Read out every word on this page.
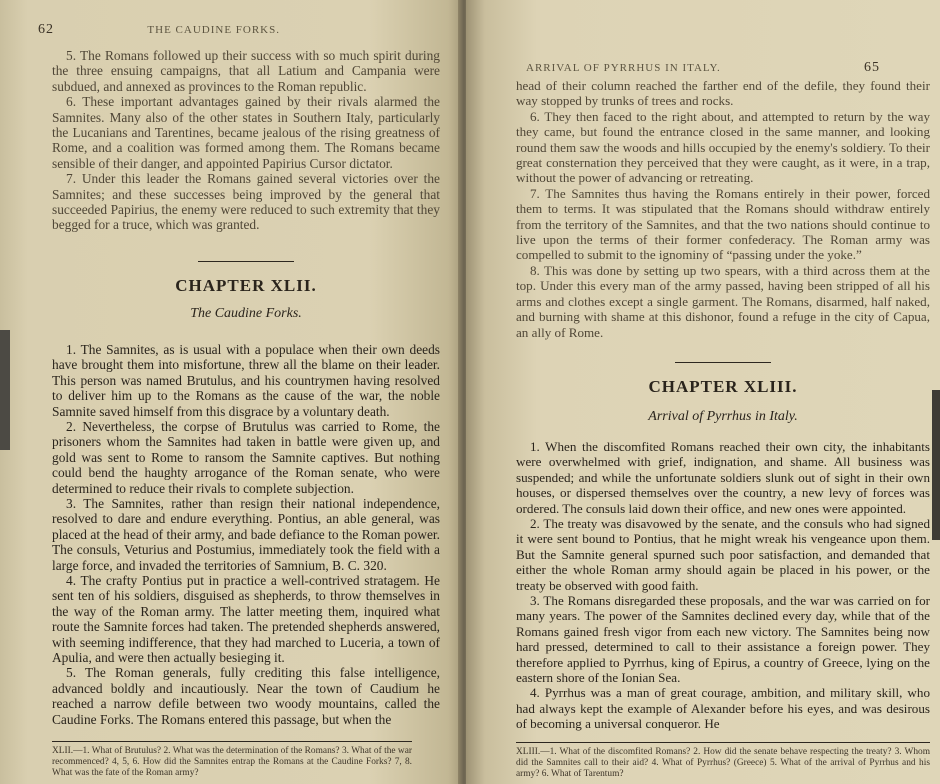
62	THE CAUDINE FORKS.

5. The Romans followed up their success with so much spirit during the three ensuing campaigns, that all Latium and Campania were subdued, and annexed as provinces to the Roman republic.

6. These important advantages gained by their rivals alarmed the Samnites. Many also of the other states in Southern Italy, particularly the Lucanians and Tarentines, became jealous of the rising greatness of Rome, and a coalition was formed among them. The Romans became sensible of their danger, and appointed Papirius Cursor dictator.

7. Under this leader the Romans gained several victories over the Samnites; and these successes being improved by the general that succeeded Papirius, the enemy were reduced to such extremity that they begged for a truce, which was granted.

CHAPTER XLII.
The Caudine Forks.

1. The Samnites, as is usual with a populace when their own deeds have brought them into misfortune, threw all the blame on their leader. This person was named Brutulus, and his countrymen having resolved to deliver him up to the Romans as the cause of the war, the noble Samnite saved himself from this disgrace by a voluntary death.

2. Nevertheless, the corpse of Brutulus was carried to Rome, the prisoners whom the Samnites had taken in battle were given up, and gold was sent to Rome to ransom the Samnite captives. But nothing could bend the haughty arrogance of the Roman senate, who were determined to reduce their rivals to complete subjection.

3. The Samnites, rather than resign their national independence, resolved to dare and endure everything. Pontius, an able general, was placed at the head of their army, and bade defiance to the Roman power. The consuls, Veturius and Postumius, immediately took the field with a large force, and invaded the territories of Samnium, B. C. 320.

4. The crafty Pontius put in practice a well-contrived stratagem. He sent ten of his soldiers, disguised as shepherds, to throw themselves in the way of the Roman army. The latter meeting them, inquired what route the Samnite forces had taken. The pretended shepherds answered, with seeming indifference, that they had marched to Luceria, a town of Apulia, and were then actually besieging it.

5. The Roman generals, fully crediting this false intelligence, advanced boldly and incautiously. Near the town of Caudium he reached a narrow defile between two woody mountains, called the Caudine Forks. The Romans entered this passage, but when the

XLII.—1. What of Brutulus? 2. What was the determination of the Romans? 3. What of the war recommenced? 4, 5, 6. How did the Samnites entrap the Romans at the Caudine Forks? 7, 8. What was the fate of the Roman army?
ARRIVAL OF PYRRHUS IN ITALY.	65

head of their column reached the farther end of the defile, they found their way stopped by trunks of trees and rocks.

6. They then faced to the right about, and attempted to return by the way they came, but found the entrance closed in the same manner, and looking round them saw the woods and hills occupied by the enemy's soldiery. To their great consternation they perceived that they were caught, as it were, in a trap, without the power of advancing or retreating.

7. The Samnites thus having the Romans entirely in their power, forced them to terms. It was stipulated that the Romans should withdraw entirely from the territory of the Samnites, and that the two nations should continue to live upon the terms of their former confederacy. The Roman army was compelled to submit to the ignominy of “passing under the yoke.”

8. This was done by setting up two spears, with a third across them at the top. Under this every man of the army passed, having been stripped of all his arms and clothes except a single garment. The Romans, disarmed, half naked, and burning with shame at this dishonor, found a refuge in the city of Capua, an ally of Rome.

CHAPTER XLIII.
Arrival of Pyrrhus in Italy.

1. When the discomfited Romans reached their own city, the inhabitants were overwhelmed with grief, indignation, and shame. All business was suspended; and while the unfortunate soldiers slunk out of sight in their own houses, or dispersed themselves over the country, a new levy of forces was ordered. The consuls laid down their office, and new ones were appointed.

2. The treaty was disavowed by the senate, and the consuls who had signed it were sent bound to Pontius, that he might wreak his vengeance upon them. But the Samnite general spurned such poor satisfaction, and demanded that either the whole Roman army should again be placed in his power, or the treaty be observed with good faith.

3. The Romans disregarded these proposals, and the war was carried on for many years. The power of the Samnites declined every day, while that of the Romans gained fresh vigor from each new victory. The Samnites being now hard pressed, determined to call to their assistance a foreign power. They therefore applied to Pyrrhus, king of Epirus, a country of Greece, lying on the eastern shore of the Ionian Sea.

4. Pyrrhus was a man of great courage, ambition, and military skill, who had always kept the example of Alexander before his eyes, and was desirous of becoming a universal conqueror. He

XLIII.—1. What of the discomfited Romans? 2. How did the senate behave respecting the treaty? 3. Whom did the Samnites call to their aid? 4. What of Pyrrhus? (Greece) 5. What of the arrival of Pyrrhus and his army? 6. What of Tarentum?
